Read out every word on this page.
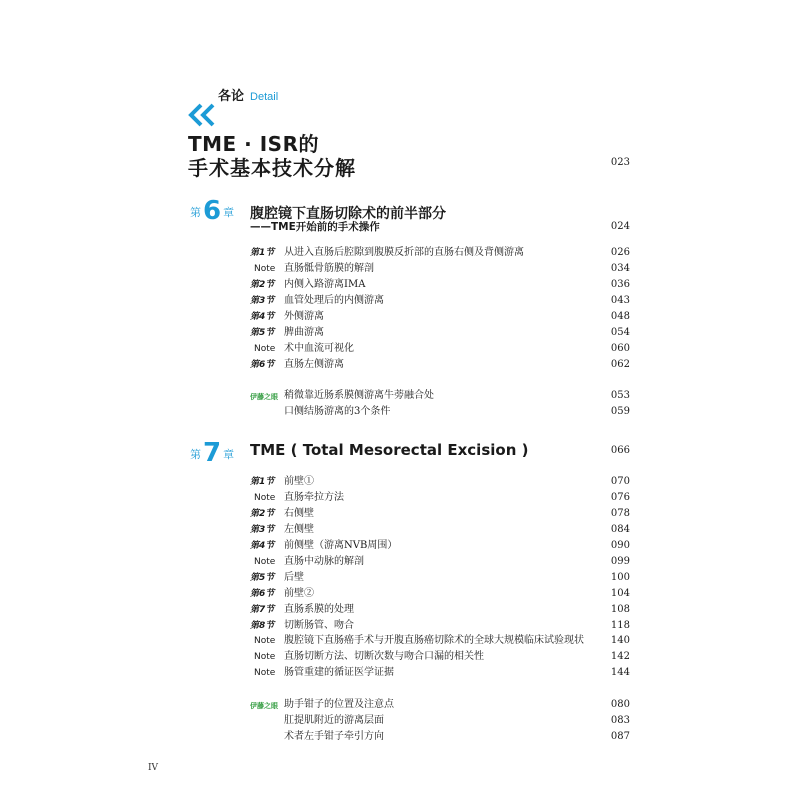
各论 Detail
TME · ISR的
手术基本技术分解	023
第6 章 腹腔镜下直肠切除术的前半部分
——TME开始前的手术操作	024
第1节 从进入直肠后腔隙到腹膜反折部的直肠右侧及背侧游离	026
Note 直肠骶骨筋膜的解剖	034
第2节 内侧入路游离IMA	036
第3节 血管处理后的内侧游离	043
第4节 外侧游离	048
第5节 脾曲游离	054
Note 术中血流可视化	060
第6节 直肠左侧游离	062
伊藤之眼 稍微靠近肠系膜侧游离牛蒡融合处	053
口侧结肠游离的3个条件	059
第7 章 TME ( Total Mesorectal Excision )	066
第1节 前壁①	070
Note 直肠牵拉方法	076
第2节 右侧壁	078
第3节 左侧壁	084
第4节 前侧壁（游离NVB周围）	090
Note 直肠中动脉的解剖	099
第5节 后壁	100
第6节 前壁②	104
第7节 直肠系膜的处理	108
第8节 切断肠管、吻合	118
Note 腹腔镜下直肠癌手术与开腹直肠癌切除术的全球大规模临床试验现状	140
Note 直肠切断方法、切断次数与吻合口漏的相关性	142
Note 肠管重建的循证医学证据	144
伊藤之眼 助手钳子的位置及注意点	080
肛提肌附近的游离层面	083
术者左手钳子牵引方向	087
IV
